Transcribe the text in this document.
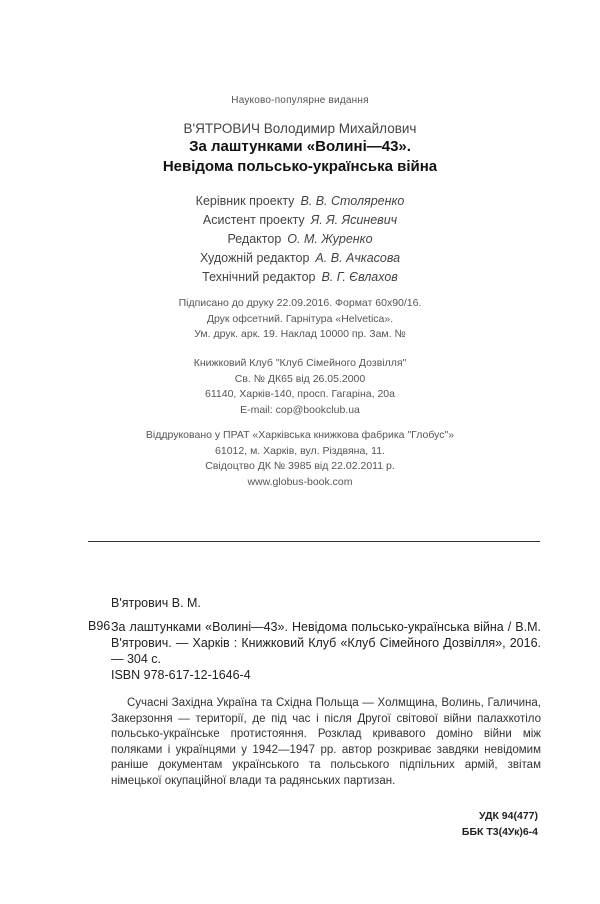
Науково-популярне видання
В'ЯТРОВИЧ Володимир Михайлович
За лаштунками «Волині—43».
Невідома польсько-українська війна
Керівник проекту В. В. Столяренко
Асистент проекту Я. Я. Ясиневич
Редактор О. М. Журенко
Художній редактор А. В. Ачкасова
Технічний редактор В. Г. Євлахов
Підписано до друку 22.09.2016. Формат 60x90/16.
Друк офсетний. Гарнітура «Helvetica».
Ум. друк. арк. 19. Наклад 10000 пр. Зам. №
Книжковий Клуб "Клуб Сімейного Дозвілля"
Св. № ДК65 від 26.05.2000
61140, Харків-140, просп. Гагаріна, 20а
E-mail: cop@bookclub.ua
Віддруковано у ПРАТ «Харківська книжкова фабрика "Глобус"»
61012, м. Харків, вул. Різдвяна, 11.
Свідоцтво ДК № 3985 від 22.02.2011 р.
www.globus-book.com
В'ятрович В. М.
В96 За лаштунками «Волині—43». Невідома польсько-українська війна / В.М. В'ятрович. — Харків : Книжковий Клуб «Клуб Сімейного Дозвілля», 2016. — 304 с.
ISBN 978-617-12-1646-4
Сучасні Західна Україна та Східна Польща — Холмщина, Волинь, Галичина, Закерзоння — території, де під час і після Другої світової війни палахкотіло польсько-українське протистояння. Розклад кривавого доміно війни між поляками і українцями у 1942—1947 рр. автор розкриває завдяки невідомим раніше документам українського та польського підпільних армій, звітам німецької окупаційної влади та радянських партизан.
УДК 94(477)
ББК Т3(4Ук)6-4
